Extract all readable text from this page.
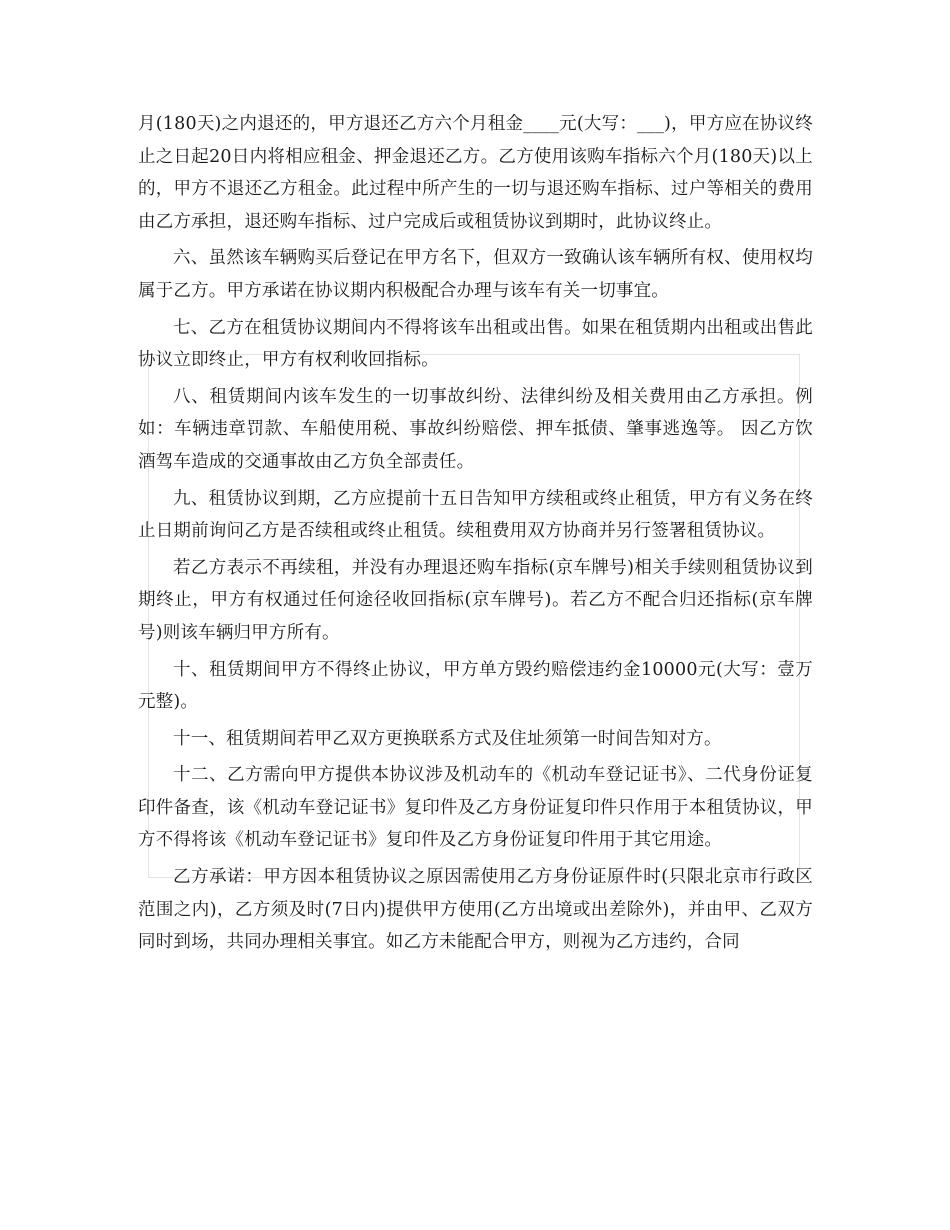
月(180天)之内退还的，甲方退还乙方六个月租金____元(大写：___)，甲方应在协议终止之日起20日内将相应租金、押金退还乙方。乙方使用该购车指标六个月(180天)以上的，甲方不退还乙方租金。此过程中所产生的一切与退还购车指标、过户等相关的费用由乙方承担，退还购车指标、过户完成后或租赁协议到期时，此协议终止。

六、虽然该车辆购买后登记在甲方名下，但双方一致确认该车辆所有权、使用权均属于乙方。甲方承诺在协议期内积极配合办理与该车有关一切事宜。

七、乙方在租赁协议期间内不得将该车出租或出售。如果在租赁期内出租或出售此协议立即终止，甲方有权利收回指标。

八、租赁期间内该车发生的一切事故纠纷、法律纠纷及相关费用由乙方承担。例如：车辆违章罚款、车船使用税、事故纠纷赔偿、押车抵债、肇事逃逸等。 因乙方饮酒驾车造成的交通事故由乙方负全部责任。

九、租赁协议到期，乙方应提前十五日告知甲方续租或终止租赁，甲方有义务在终止日期前询问乙方是否续租或终止租赁。续租费用双方协商并另行签署租赁协议。

若乙方表示不再续租，并没有办理退还购车指标(京车牌号)相关手续则租赁协议到期终止，甲方有权通过任何途径收回指标(京车牌号)。若乙方不配合归还指标(京车牌号)则该车辆归甲方所有。

十、租赁期间甲方不得终止协议，甲方单方毁约赔偿违约金10000元(大写：壹万元整)。

十一、租赁期间若甲乙双方更换联系方式及住址须第一时间告知对方。

十二、乙方需向甲方提供本协议涉及机动车的《机动车登记证书》、二代身份证复印件备查，该《机动车登记证书》复印件及乙方身份证复印件只作用于本租赁协议，甲方不得将该《机动车登记证书》复印件及乙方身份证复印件用于其它用途。

乙方承诺：甲方因本租赁协议之原因需使用乙方身份证原件时(只限北京市行政区范围之内)，乙方须及时(7日内)提供甲方使用(乙方出境或出差除外)，并由甲、乙双方同时到场，共同办理相关事宜。如乙方未能配合甲方，则视为乙方违约，合同
